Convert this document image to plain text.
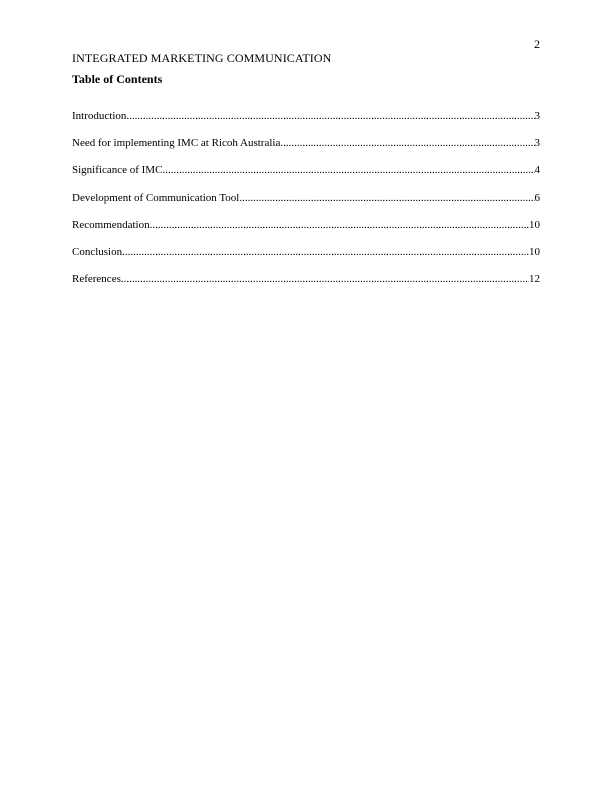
2
INTEGRATED MARKETING COMMUNICATION
Table of Contents
Introduction .....	3
Need for implementing IMC at Ricoh Australia .....	3
Significance of IMC .....	4
Development of Communication Tool .....	6
Recommendation .....	10
Conclusion .....	10
References .....	12
